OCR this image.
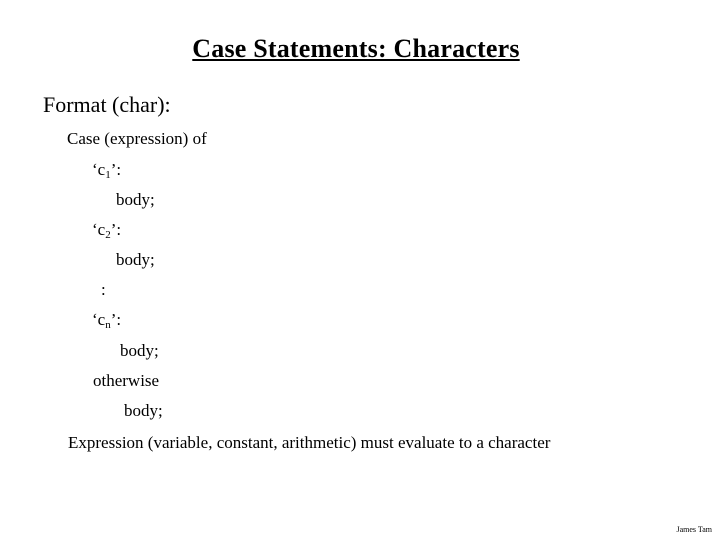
Case Statements: Characters
Format (char):
Case (expression) of
‘$c_1$’:
body;
‘$c_2$’:
body;
:
‘$c_n$’:
body;
otherwise
body;
Expression (variable, constant, arithmetic) must evaluate to a character
James Tam
